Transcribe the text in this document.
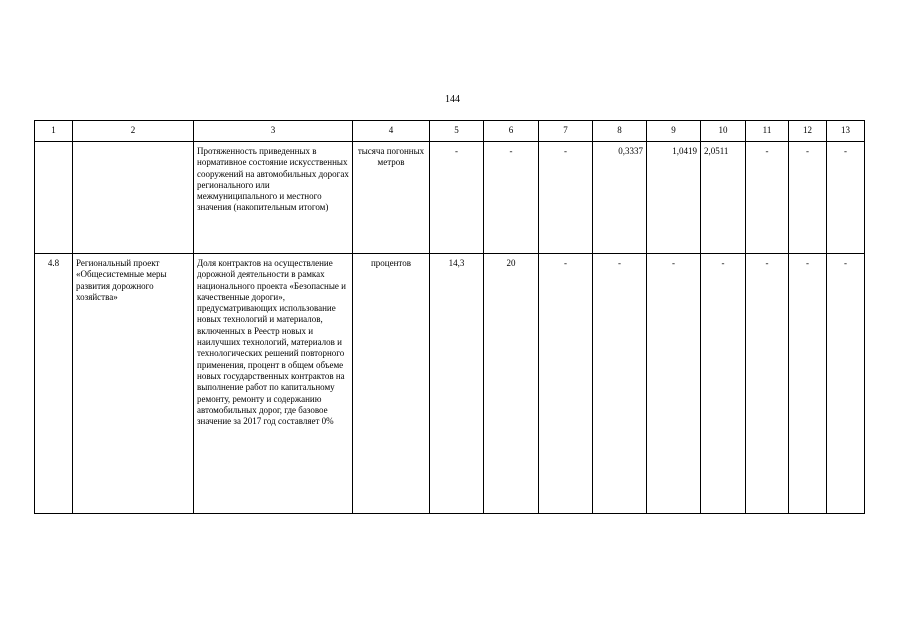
144
1	2	3	4	5	6	7	8	9	10	11	12	13
		Протяженность приведенных в нормативное состояние искусственных сооружений на автомобильных дорогах регионального или межмуниципального и местного значения (накопительным итогом)	тысяча погонных метров	-	-	-	0,3337	1,0419	2,0511	-	-	-
4.8	Региональный проект «Общесистемные меры развития дорожного хозяйства»	Доля контрактов на осуществление дорожной деятельности в рамках национального проекта «Безопасные и качественные дороги», предусматривающих использование новых технологий и материалов, включенных в Реестр новых и наилучших технологий, материалов и технологических решений повторного применения, процент в общем объеме новых государственных контрактов на выполнение работ по капитальному ремонту, ремонту и содержанию автомобильных дорог, где базовое значение за 2017 год составляет 0%	процентов	14,3	20	-	-	-	-	-	-	-
